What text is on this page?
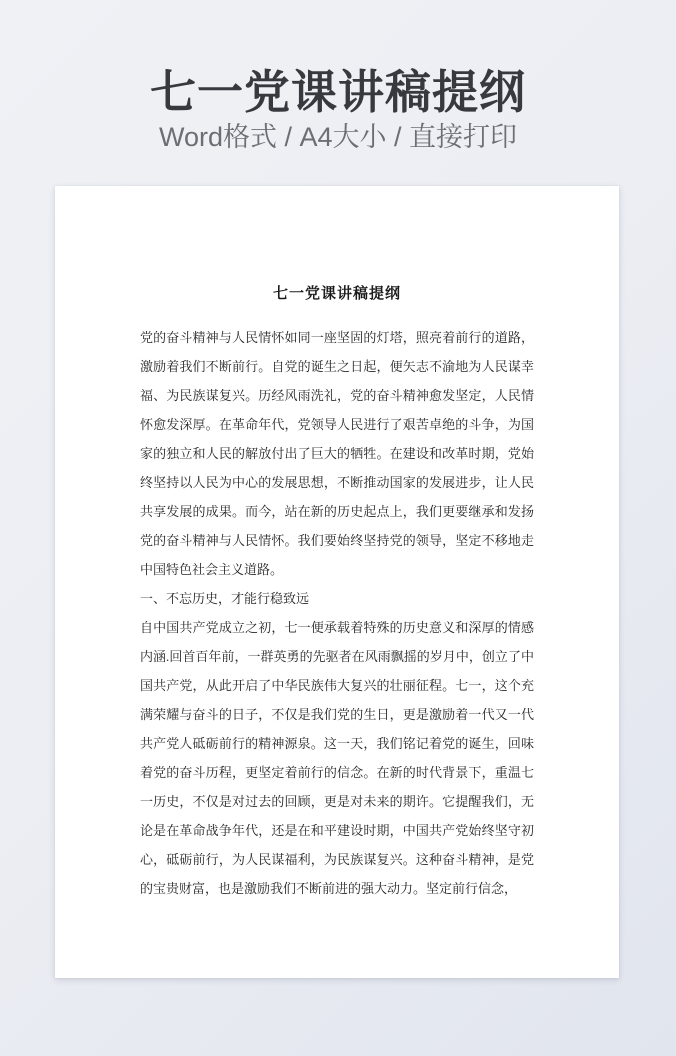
七一党课讲稿提纲

Word格式 / A4大小 / 直接打印

七一党课讲稿提纲
党的奋斗精神与人民情怀如同一座坚固的灯塔，照亮着前行的道路，激励着我们不断前行。自党的诞生之日起，便矢志不渝地为人民谋幸福、为民族谋复兴。历经风雨洗礼，党的奋斗精神愈发坚定，人民情怀愈发深厚。在革命年代，党领导人民进行了艰苦卓绝的斗争，为国家的独立和人民的解放付出了巨大的牺牲。在建设和改革时期，党始终坚持以人民为中心的发展思想，不断推动国家的发展进步，让人民共享发展的成果。而今，站在新的历史起点上，我们更要继承和发扬党的奋斗精神与人民情怀。我们要始终坚持党的领导，坚定不移地走中国特色社会主义道路。
一、不忘历史，才能行稳致远
自中国共产党成立之初，七一便承载着特殊的历史意义和深厚的情感内涵.回首百年前，一群英勇的先驱者在风雨飘摇的岁月中，创立了中国共产党，从此开启了中华民族伟大复兴的壮丽征程。七一，这个充满荣耀与奋斗的日子，不仅是我们党的生日，更是激励着一代又一代共产党人砥砺前行的精神源泉。这一天，我们铭记着党的诞生，回味着党的奋斗历程，更坚定着前行的信念。在新的时代背景下，重温七一历史，不仅是对过去的回顾，更是对未来的期许。它提醒我们，无论是在革命战争年代，还是在和平建设时期，中国共产党始终坚守初心，砥砺前行，为人民谋福利，为民族谋复兴。这种奋斗精神，是党的宝贵财富，也是激励我们不断前进的强大动力。坚定前行信念，
